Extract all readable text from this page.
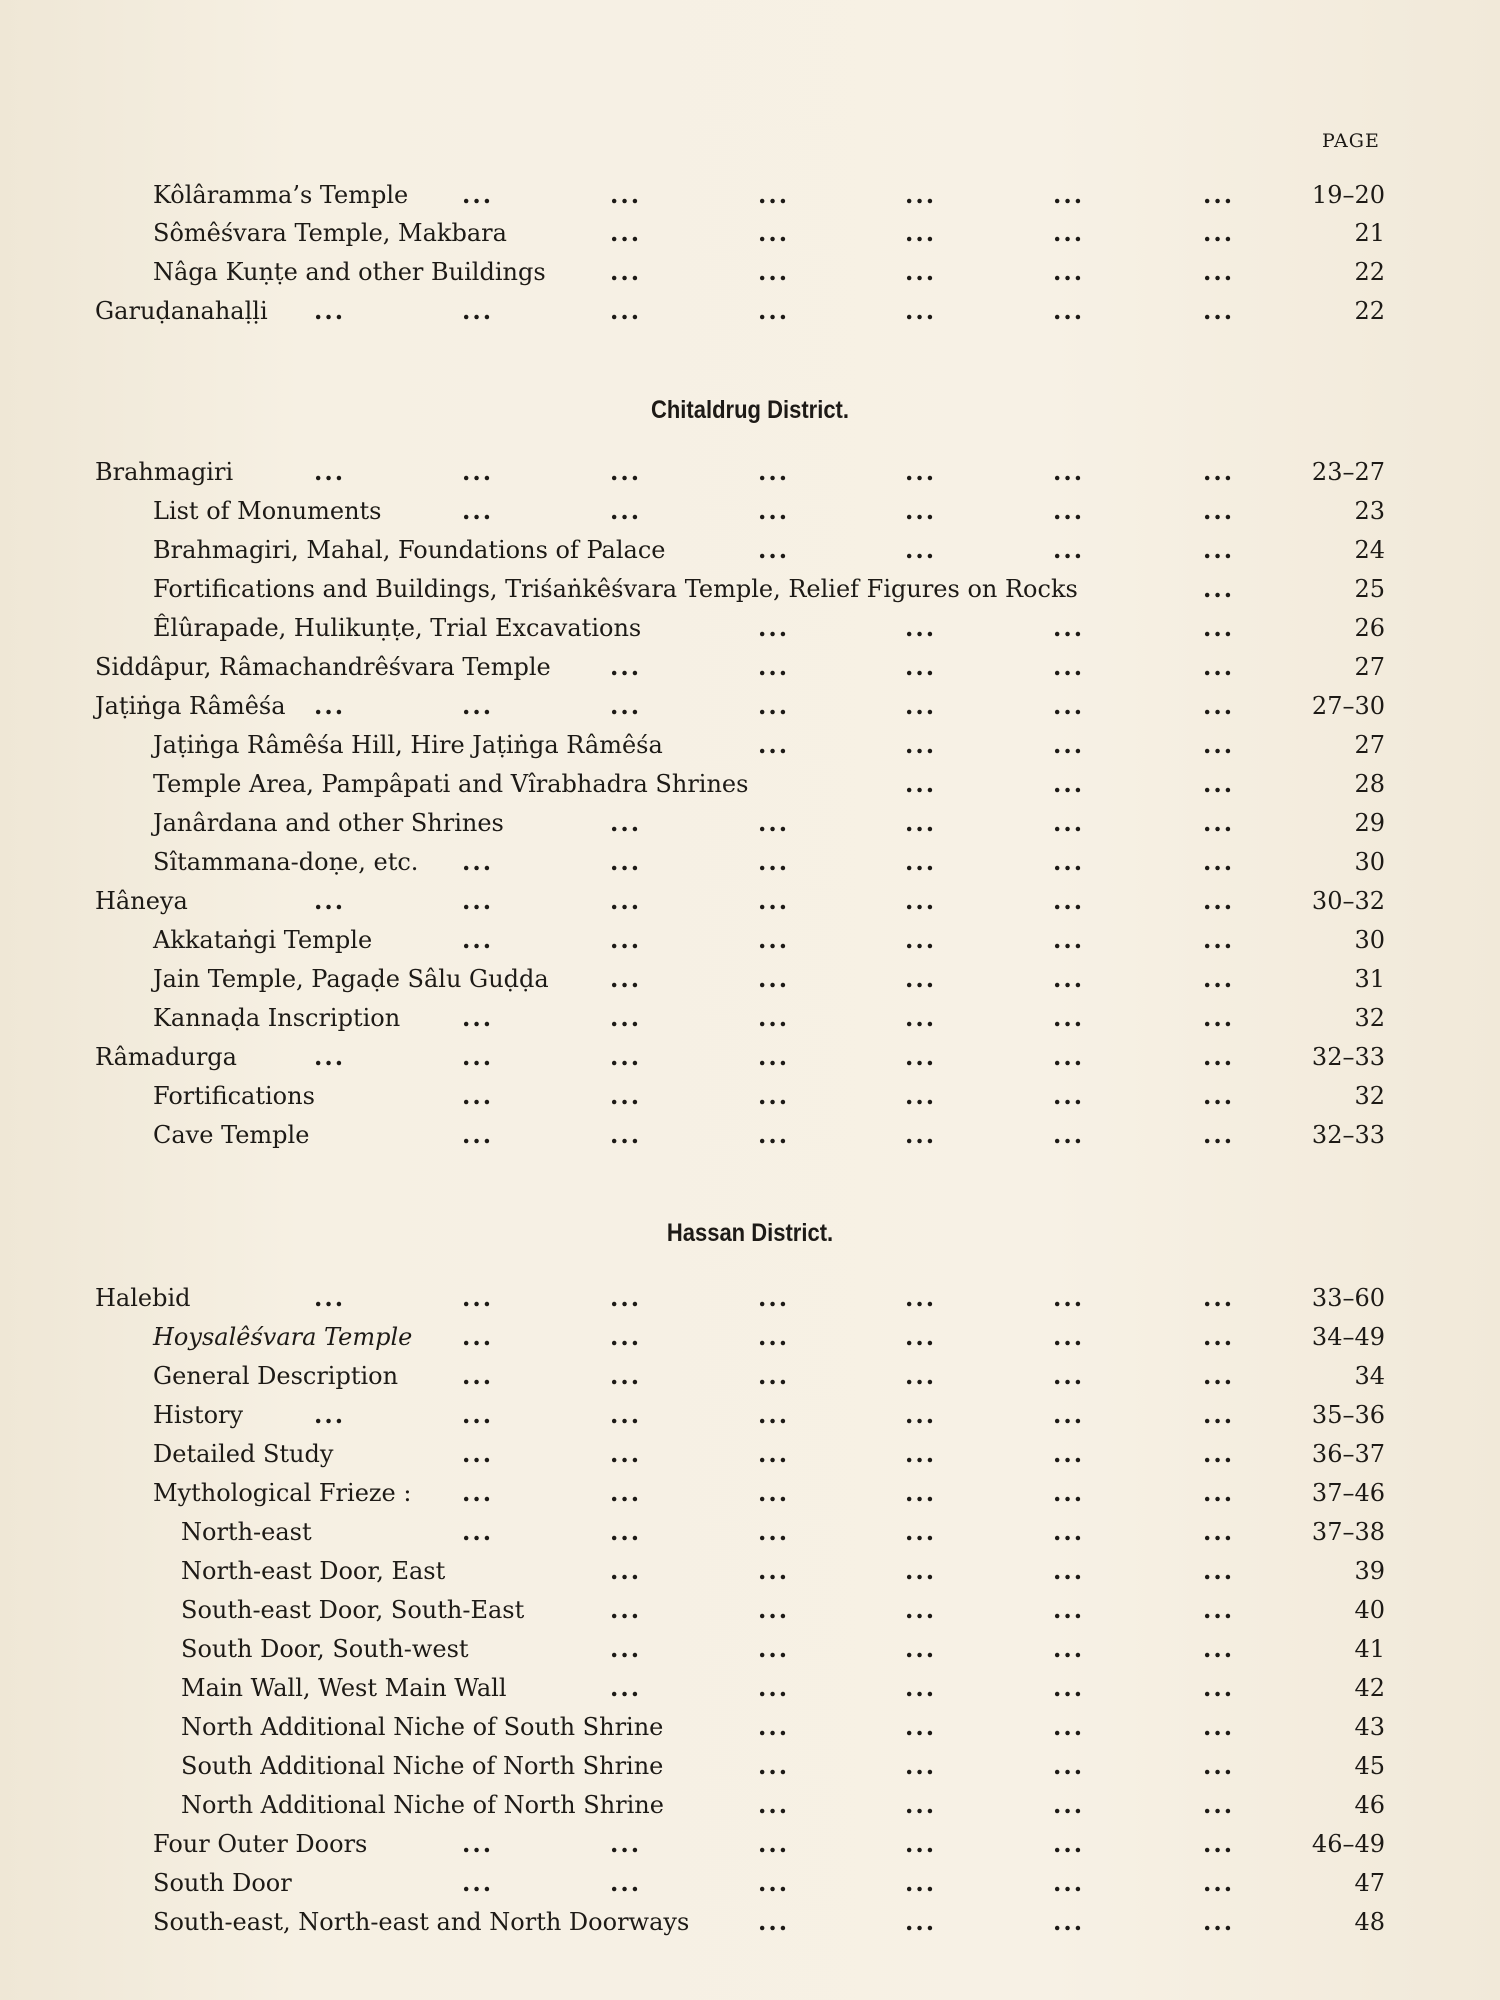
PAGE
Kôlâramma’s Temple ...	...	...	...	...	...	19–20
Sômêśvara Temple, Makbara	...	...	...	...	...	21
Nâga Kuṇṭe and other Buildings	...	...	...	...	...	22
Garuḍanahaḷḷi ...	...	...	...	...	...	...	22
Chitaldrug District.
Brahmagiri	...	...	...	...	...	...	...	23–27
List of Monuments	...	...	...	...	...	...	23
Brahmagiri, Mahal, Foundations of Palace	...	...	...	...	24
Fortifications and Buildings, Triśaṅkêśvara Temple, Relief Figures on Rocks	...	25
Êlûrapade, Hulikuṇṭe, Trial Excavations	...	...	...	...	26
Siddâpur, Râmachandrêśvara Temple ...	...	...	...	...	27
Jaṭiṅga Râmêśa ...	...	...	...	...	...	...	27–30
Jaṭiṅga Râmêśa Hill, Hire Jaṭiṅga Râmêśa	...	...	...	...	27
Temple Area, Pampâpati and Vîrabhadra Shrines	...	...	...	28
Janârdana and other Shrines	...	...	...	...	...	29
Sîtammana-doṇe, etc. ...	...	...	...	...	...	30
Hâneya	...	...	...	...	...	...	...	30–32
Akkataṅgi Temple	...	...	...	...	...	...	30
Jain Temple, Pagaḍe Sâlu Guḍḍa	...	...	...	...	...	31
Kannaḍa Inscription	...	...	...	...	...	...	32
Râmadurga	...	...	...	...	...	...	...	32–33
Fortifications	...	...	...	...	...	...	32
Cave Temple	...	...	...	...	...	...	32–33
Hassan District.
Halebid	...	...	...	...	...	...	...	33–60
Hoysalêśvara Temple ...	...	...	...	...	...	34–49
General Description	...	...	...	...	...	...	34
History	...	...	...	...	...	...	...	35–36
Detailed Study	...	...	...	...	...	...	36–37
Mythological Frieze : ...	...	...	...	...	...	37–46
North-east	...	...	...	...	...	...	37–38
North-east Door, East	...	...	...	...	...	39
South-east Door, South-East	...	...	...	...	...	40
South Door, South-west	...	...	...	...	...	41
Main Wall, West Main Wall	...	...	...	...	...	42
North Additional Niche of South Shrine	...	...	...	...	43
South Additional Niche of North Shrine	...	...	...	...	45
North Additional Niche of North Shrine	...	...	...	...	46
Four Outer Doors	...	...	...	...	...	...	46–49
South Door	...	...	...	...	...	...	47
South-east, North-east and North Doorways	...	...	...	...	48
